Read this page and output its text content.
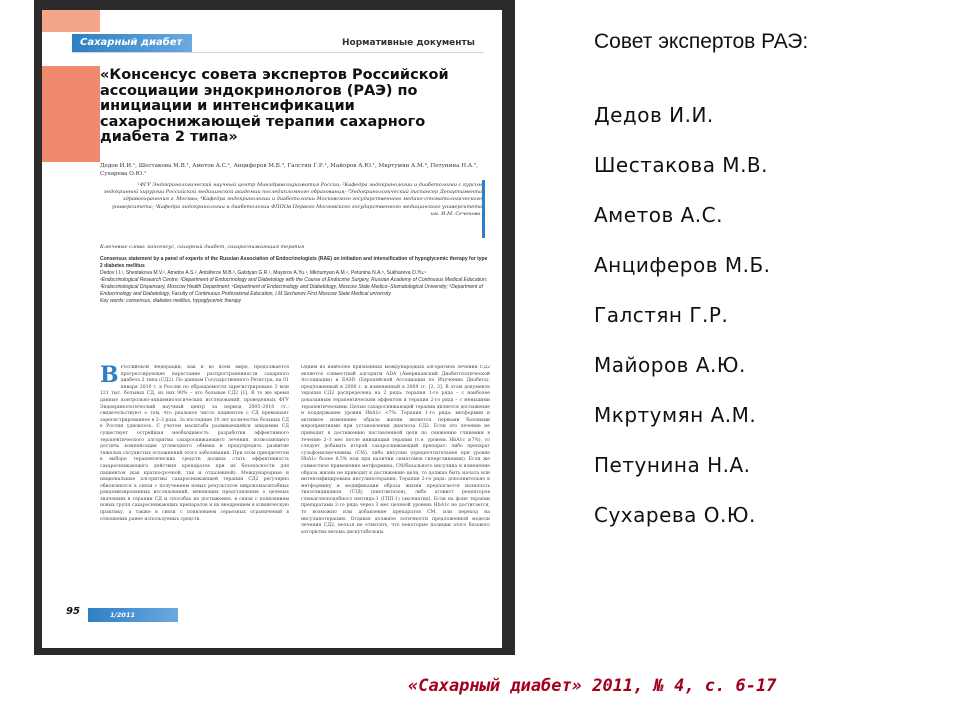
Сахарный диабет	Нормативные документы
«Консенсус совета экспертов Российской ассоциации эндокринологов (РАЭ) по инициации и интенсификации сахароснижающей терапии сахарного диабета 2 типа»
Дедов И.И.¹, Шестакова М.В.¹, Аметов А.С.², Анциферов М.Б.³, Галстян Г.Р.¹, Майоров А.Ю.¹, Мкртумян А.М.⁴, Петунина Н.А.⁵, Сухарева О.Ю.¹
¹ФГУ Эндокринологический научный центр Минздравсоцразвития России; ²Кафедра эндокринологии и диабетологии с курсом эндокринной хирургии Российской медицинской академии последипломного образования; ³Эндокринологический диспансер Департамента здравоохранения г. Москвы; ⁴Кафедра эндокринологии и диабетологии Московского государственного медико-стоматологического университета; ⁵Кафедра эндокринологии и диабетологии ФППОв Первого Московского государственного медицинского университета им. И.М. Сеченова.
Ключевые слова: консенсус, сахарный диабет, сахароснижающая терапия
Consensus statement by a panel of experts of the Russian Association of Endocrinologists (RAE) on initiation and intensification of hypoglycemic therapy for type 2 diabetes mellitus
Dedov I.I.¹, Shestakova M.V.¹, Ametov A.S.², Antsiferov M.B.³, Galstyan G.R.¹, Mayorov A.Yu.¹, Mkrtumyan A.M.⁴, Petunina N.A.⁵, Sukhareva O.Yu.¹
¹Endocrinological Research Centre; ²Department of Endocrinology and Diabetology with the Course of Endocrine Surgery, Russian Academy of Continuous Medical Education; ³Endocrinological Dispensary, Moscow Health Department; ⁴Department of Endocrinology and Diabetology, Moscow State Medico–Stomatological University; ⁵Department of Endocrinology and Diabetology, Faculty of Continuous Professional Education, I.M.Sechenov First Moscow State Medical university
Key words: consensus, diabetes mellitus, hypoglycemic therapy
В Российской Федерации, как и во всем мире, продолжается прогрессирующее нарастание распространенности сахарного диабета 2 типа (СД2). По данным Государственного Регистра, на 01 января 2010 г. в России по обращаемости зарегистрировано 3 млн 121 тыс. больных СД, из них 90% – это больные СД2 [1]. В то же время данные контрольно-эпидемиологических исследований, проведенных ФГУ Эндокринологический научный центр за период 2005–2010 гг., свидетельствуют о том, что реальное число пациентов с СД превышает зарегистрированное в 2–3 раза. За последние 10 лет количество больных СД в России удвоилось. С учетом масштаба развивающейся эпидемии СД существует острейшая необходимость разработки эффективного терапевтического алгоритма сахароснижающего лечения, позволяющего достичь компенсации углеводного обмена и предупредить развитие тяжелых сосудистых осложнений этого заболевания. При этом приоритетом в выборе терапевтических средств должна стать эффективность сахароснижающего действия препаратов при их безопасности для пациентов (как краткосрочной, так и отдаленной). Международные и национальные алгоритмы сахароснижающей терапии СД2 регулярно обновляются в связи с получением новых результатов широкомасштабных рандомизированных исследований, меняющих представления о целевых значениях в терапии СД и способах их достижения, в связи с появлением новых групп сахароснижающих препаратов и их внедрением в клиническую практику, а также в связи с появлением серьезных ограничений в отношении ранее используемых средств.
Одним из наиболее признанных международных алгоритмов лечения СД2 является совместный алгоритм ADA (Американский Диабетологической Ассоциации) и EASD (Европейской Ассоциации по Изучению Диабета), предложенный в 2006 г. и измененный в 2009 гг. [2, 3]. В этом документе терапия СД2 распределена на 2 ряда: терапия 1-го ряда – с наиболее доказанным терапевтическим эффектом и терапия 2-го ряда – с меньшими терапевтическими. Целью сахароснижающей терапии является достижение и поддержание уровня HbA1c <7%. Терапия 1-го ряда: метформин и активное изменение образа жизни является первыми базовыми мероприятиями при установлении диагноза СД2. Если это лечение не приводит к достижению поставленной цели по снижению гликемии в течение 2–3 мес после инициации терапии (т.е. уровень HbA1c ≥7%), то следует добавить второй сахароснижающий препарат: либо препарат сульфонилмочевины (СМ), либо инсулин (предпочтительнее при уровне HbA1c более 8,5% или при наличии симптомов гипергликемии). Если же совместное применение метформина, СМ/базального инсулина и изменение образа жизни не приводит к достижению цели, то должна быть начата или интенсифицирована инсулинотерапия. Терапия 2-го ряда: дополнительно к метформину и модификации образа жизни предлагается назначать тиазолидиндион (ТЗД) (пиоглитазон), либо агонист рецепторов глюкагоноподобного пептида-1 (ГПП-1) (эксенатид). Если на фоне терапии препаратами 2-го ряда через 3 мес целевой уровень HbA1c не достигается, то возможно или добавление препаратов СМ, или переход на инсулинотерапию. Отдавая должное логичности предложенной модели лечения СД2, нельзя не отметить, что некоторые позиции этого базового алгоритма весьма дискутабельны.
95	1/2011
Совет экспертов РАЭ:
Дедов И.И.
Шестакова М.В.
Аметов А.С.
Анциферов М.Б.
Галстян Г.Р.
Майоров А.Ю.
Мкртумян А.М.
Петунина Н.А.
Сухарева О.Ю.
«Сахарный диабет» 2011, № 4, с. 6-17
